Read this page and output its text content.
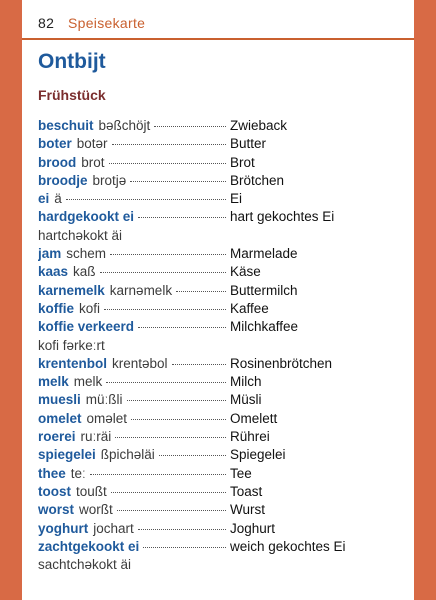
82 Speisekarte
Ontbijt
Frühstück
beschuit bəßchöjt	Zwieback
boter botər	Butter
brood brot	Brot
broodje brotjə	Brötchen
ei ä	Ei
hardgekookt ei	hart gekochtes Ei
hartchəkokt äi
jam schem	Marmelade
kaas kaß	Käse
karnemelk karnəmelk	Buttermilch
koffie kofi	Kaffee
koffie verkeerd	Milchkaffee
kofi fərkeːrt
krentenbol krentəbol	Rosinenbrötchen
melk melk	Milch
muesli müːßli	Müsli
omelet oməlet	Omelett
roerei ruːräi	Rührei
spiegelei ßpichəläi	Spiegelei
thee teː	Tee
toost toußt	Toast
worst worßt	Wurst
yoghurt jochart	Joghurt
zachtgekookt ei	weich gekochtes Ei
sachtchəkokt äi
